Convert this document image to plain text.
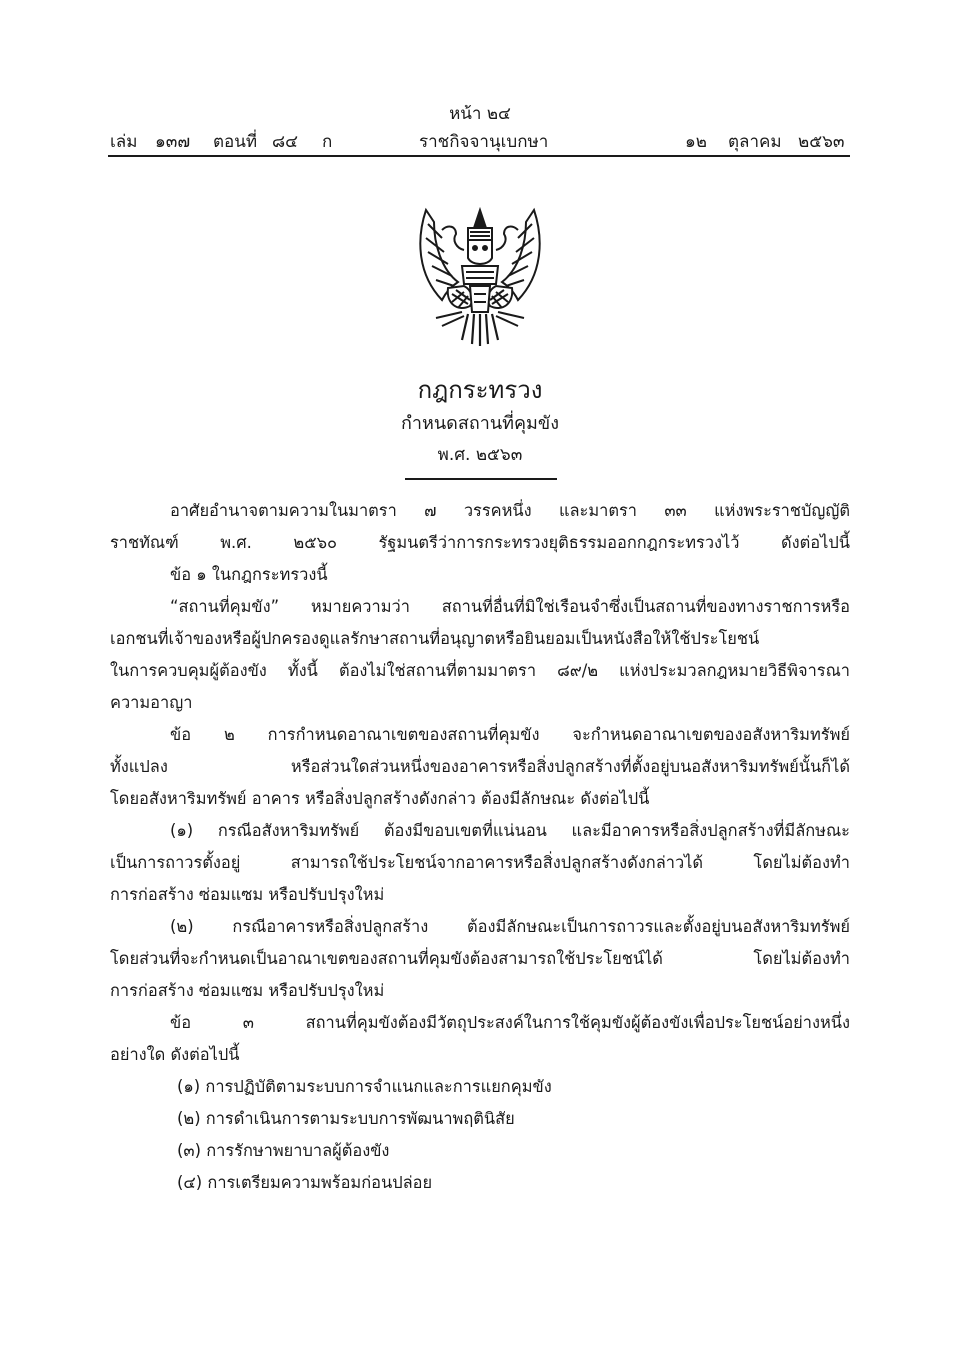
หน้า ๒๔
เล่ม ๑๓๗ ตอนที่ ๘๔ ก	ราชกิจจานุเบกษา	๑๒ ตุลาคม ๒๕๖๓
กฎกระทรวง
กำหนดสถานที่คุมขัง
พ.ศ. ๒๕๖๓
อาศัยอำนาจตามความในมาตรา ๗ วรรคหนึ่ง และมาตรา ๓๓ แห่งพระราชบัญญัติ
ราชทัณฑ์ พ.ศ. ๒๕๖๐ รัฐมนตรีว่าการกระทรวงยุติธรรมออกกฎกระทรวงไว้ ดังต่อไปนี้
ข้อ ๑ ในกฎกระทรวงนี้
“สถานที่คุมขัง” หมายความว่า สถานที่อื่นที่มิใช่เรือนจำซึ่งเป็นสถานที่ของทางราชการหรือ
เอกชนที่เจ้าของหรือผู้ปกครองดูแลรักษาสถานที่อนุญาตหรือยินยอมเป็นหนังสือให้ใช้ประโยชน์
ในการควบคุมผู้ต้องขัง ทั้งนี้ ต้องไม่ใช่สถานที่ตามมาตรา ๘๙/๒ แห่งประมวลกฎหมายวิธีพิจารณา
ความอาญา
ข้อ ๒ การกำหนดอาณาเขตของสถานที่คุมขัง จะกำหนดอาณาเขตของอสังหาริมทรัพย์
ทั้งแปลง หรือส่วนใดส่วนหนึ่งของอาคารหรือสิ่งปลูกสร้างที่ตั้งอยู่บนอสังหาริมทรัพย์นั้นก็ได้
โดยอสังหาริมทรัพย์ อาคาร หรือสิ่งปลูกสร้างดังกล่าว ต้องมีลักษณะ ดังต่อไปนี้
(๑) กรณีอสังหาริมทรัพย์ ต้องมีขอบเขตที่แน่นอน และมีอาคารหรือสิ่งปลูกสร้างที่มีลักษณะ
เป็นการถาวรตั้งอยู่ สามารถใช้ประโยชน์จากอาคารหรือสิ่งปลูกสร้างดังกล่าวได้ โดยไม่ต้องทำ
การก่อสร้าง ซ่อมแซม หรือปรับปรุงใหม่
(๒) กรณีอาคารหรือสิ่งปลูกสร้าง ต้องมีลักษณะเป็นการถาวรและตั้งอยู่บนอสังหาริมทรัพย์
โดยส่วนที่จะกำหนดเป็นอาณาเขตของสถานที่คุมขังต้องสามารถใช้ประโยชน์ได้ โดยไม่ต้องทำ
การก่อสร้าง ซ่อมแซม หรือปรับปรุงใหม่
ข้อ ๓ สถานที่คุมขังต้องมีวัตถุประสงค์ในการใช้คุมขังผู้ต้องขังเพื่อประโยชน์อย่างหนึ่ง
อย่างใด ดังต่อไปนี้
(๑) การปฏิบัติตามระบบการจำแนกและการแยกคุมขัง
(๒) การดำเนินการตามระบบการพัฒนาพฤตินิสัย
(๓) การรักษาพยาบาลผู้ต้องขัง
(๔) การเตรียมความพร้อมก่อนปล่อย
